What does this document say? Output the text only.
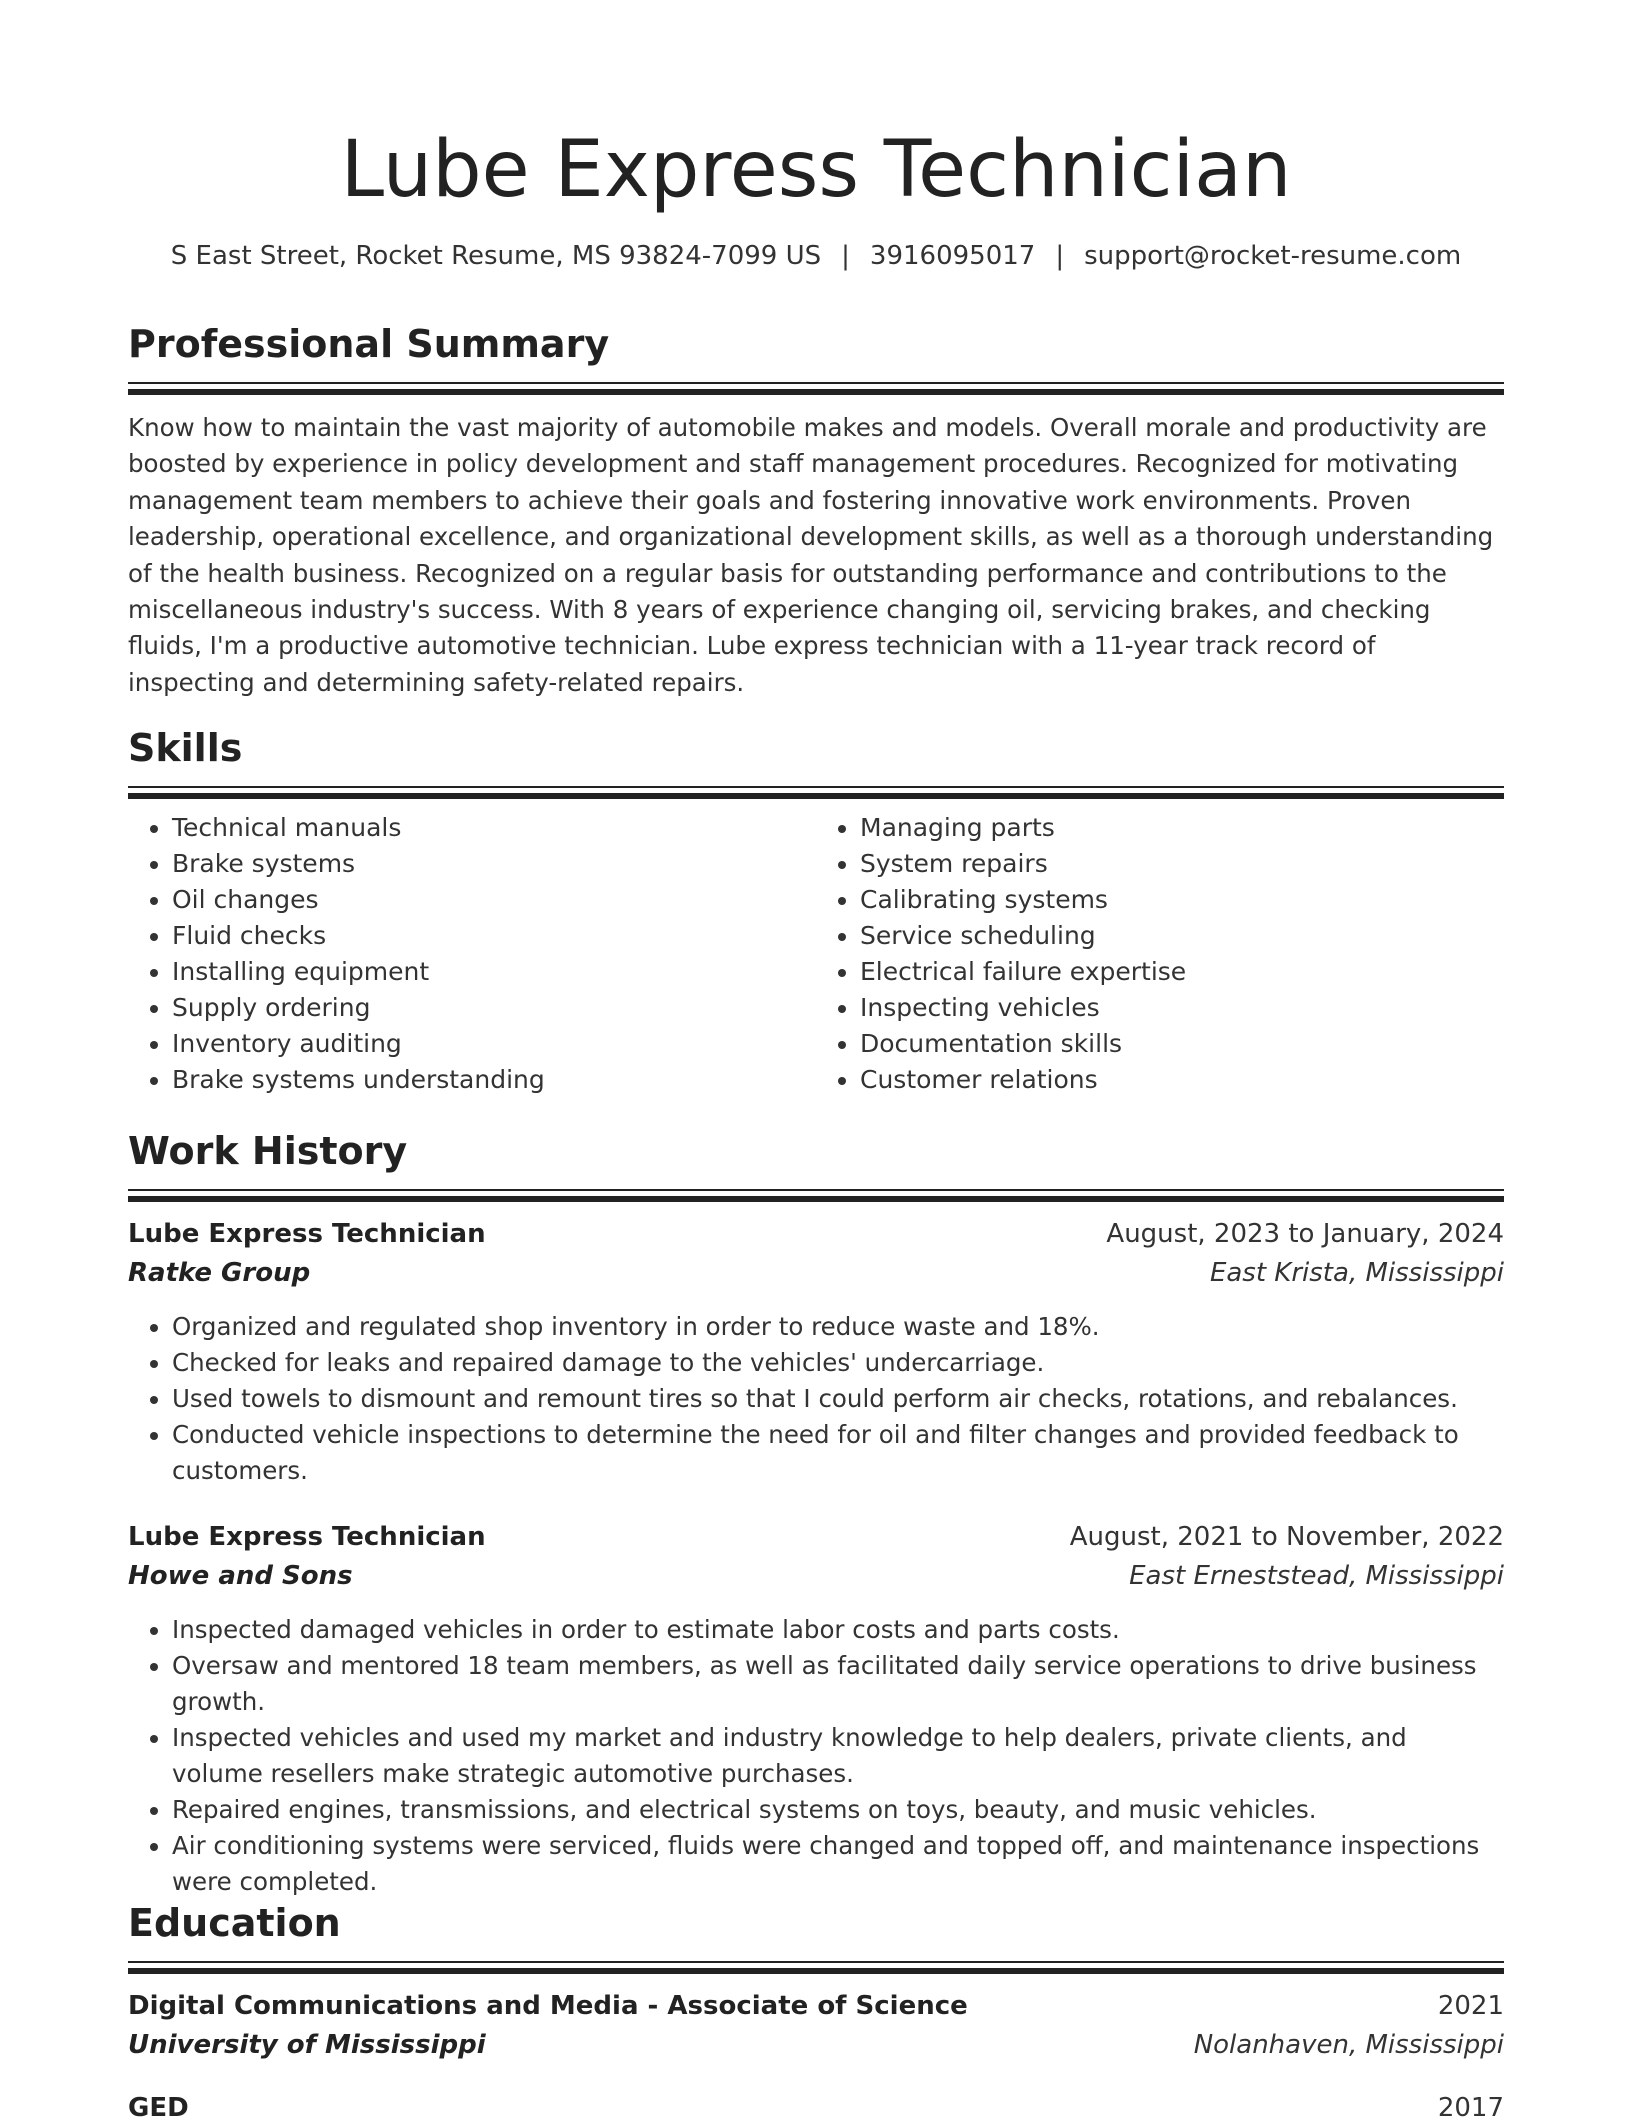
Lube Express Technician
S East Street, Rocket Resume, MS 93824-7099 US | 3916095017 | support@rocket-resume.com
Professional Summary

Know how to maintain the vast majority of automobile makes and models. Overall morale and productivity are boosted by experience in policy development and staff management procedures. Recognized for motivating management team members to achieve their goals and fostering innovative work environments. Proven leadership, operational excellence, and organizational development skills, as well as a thorough understanding of the health business. Recognized on a regular basis for outstanding performance and contributions to the miscellaneous industry's success. With 8 years of experience changing oil, servicing brakes, and checking fluids, I'm a productive automotive technician. Lube express technician with a 11-year track record of inspecting and determining safety-related repairs.

Skills
• Technical manuals
• Brake systems
• Oil changes
• Fluid checks
• Installing equipment
• Supply ordering
• Inventory auditing
• Brake systems understanding
• Managing parts
• System repairs
• Calibrating systems
• Service scheduling
• Electrical failure expertise
• Inspecting vehicles
• Documentation skills
• Customer relations
Work History
Lube Express Technician	August, 2023 to January, 2024
Ratke Group	East Krista, Mississippi
• Organized and regulated shop inventory in order to reduce waste and 18%.
• Checked for leaks and repaired damage to the vehicles' undercarriage.
• Used towels to dismount and remount tires so that I could perform air checks, rotations, and rebalances.
• Conducted vehicle inspections to determine the need for oil and filter changes and provided feedback to customers.
Lube Express Technician	August, 2021 to November, 2022
Howe and Sons	East Erneststead, Mississippi
• Inspected damaged vehicles in order to estimate labor costs and parts costs.
• Oversaw and mentored 18 team members, as well as facilitated daily service operations to drive business growth.
• Inspected vehicles and used my market and industry knowledge to help dealers, private clients, and volume resellers make strategic automotive purchases.
• Repaired engines, transmissions, and electrical systems on toys, beauty, and music vehicles.
• Air conditioning systems were serviced, fluids were changed and topped off, and maintenance inspections were completed.
Education
Digital Communications and Media - Associate of Science	2021
University of Mississippi	Nolanhaven, Mississippi
GED	2017
